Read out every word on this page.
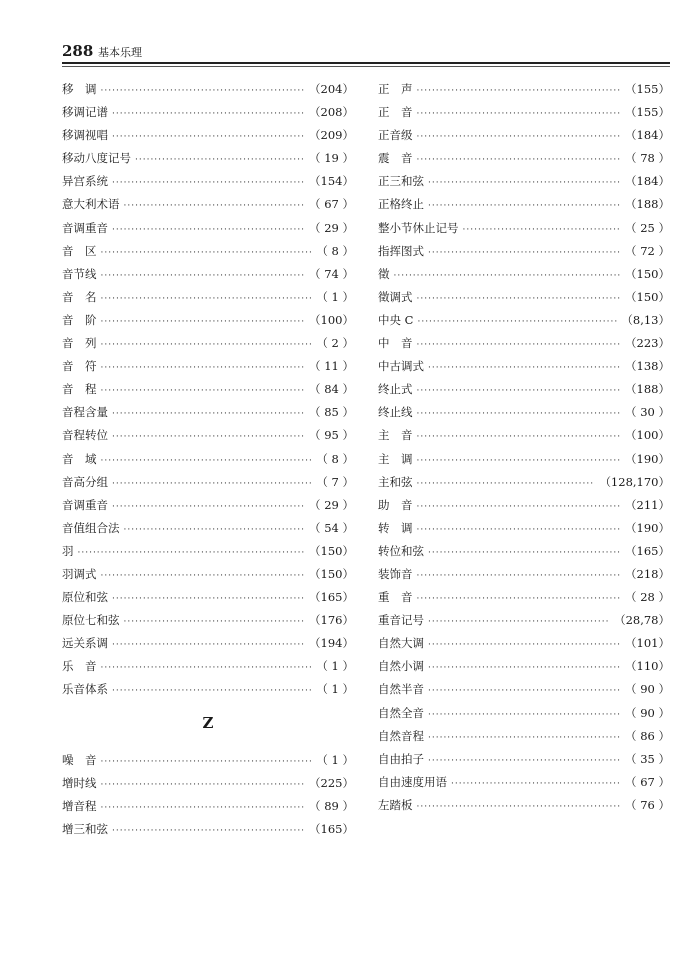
288 基本乐理
移　调 ·····	（204）
移调记谱 ·····	（208）
移调视唱 ·····	（209）
移动八度记号 ·····	（ 19 ）
异宫系统 ·····	（154）
意大利术语 ·····	（ 67 ）
音调重音 ·····	（ 29 ）
音　区 ·····	（ 8 ）
音节线 ·····	（ 74 ）
音　名 ·····	（ 1 ）
音　阶 ·····	（100）
音　列 ·····	（ 2 ）
音　符 ·····	（ 11 ）
音　程 ·····	（ 84 ）
音程含量 ·····	（ 85 ）
音程转位 ·····	（ 95 ）
音　域 ·····	（ 8 ）
音高分组 ·····	（ 7 ）
音调重音 ·····	（ 29 ）
音值组合法 ·····	（ 54 ）
羽 ·····	（150）
羽调式 ·····	（150）
原位和弦 ·····	（165）
原位七和弦 ·····	（176）
远关系调 ·····	（194）
乐　音 ·····	（ 1 ）
乐音体系 ·····	（ 1 ）
Z
噪　音 ·····	（ 1 ）
增时线 ·····	（225）
增音程 ·····	（ 89 ）
增三和弦 ·····	（165）
正　声 ·····	（155）
正　音 ·····	（155）
正音级 ·····	（184）
震　音 ·····	（ 78 ）
正三和弦 ·····	（184）
正格终止 ·····	（188）
整小节休止记号 ·····	（ 25 ）
指挥图式 ·····	（ 72 ）
徵 ·····	（150）
徵调式 ·····	（150）
中央 C ·····	（8,13）
中　音 ·····	（223）
中古调式 ·····	（138）
终止式 ·····	（188）
终止线 ·····	（ 30 ）
主　音 ·····	（100）
主　调 ·····	（190）
主和弦 ·····	（128,170）
助　音 ·····	（211）
转　调 ·····	（190）
转位和弦 ·····	（165）
装饰音 ·····	（218）
重　音 ·····	（ 28 ）
重音记号 ·····	（28,78）
自然大调 ·····	（101）
自然小调 ·····	（110）
自然半音 ·····	（ 90 ）
自然全音 ·····	（ 90 ）
自然音程 ·····	（ 86 ）
自由拍子 ·····	（ 35 ）
自由速度用语 ·····	（ 67 ）
左踏板 ·····	（ 76 ）
